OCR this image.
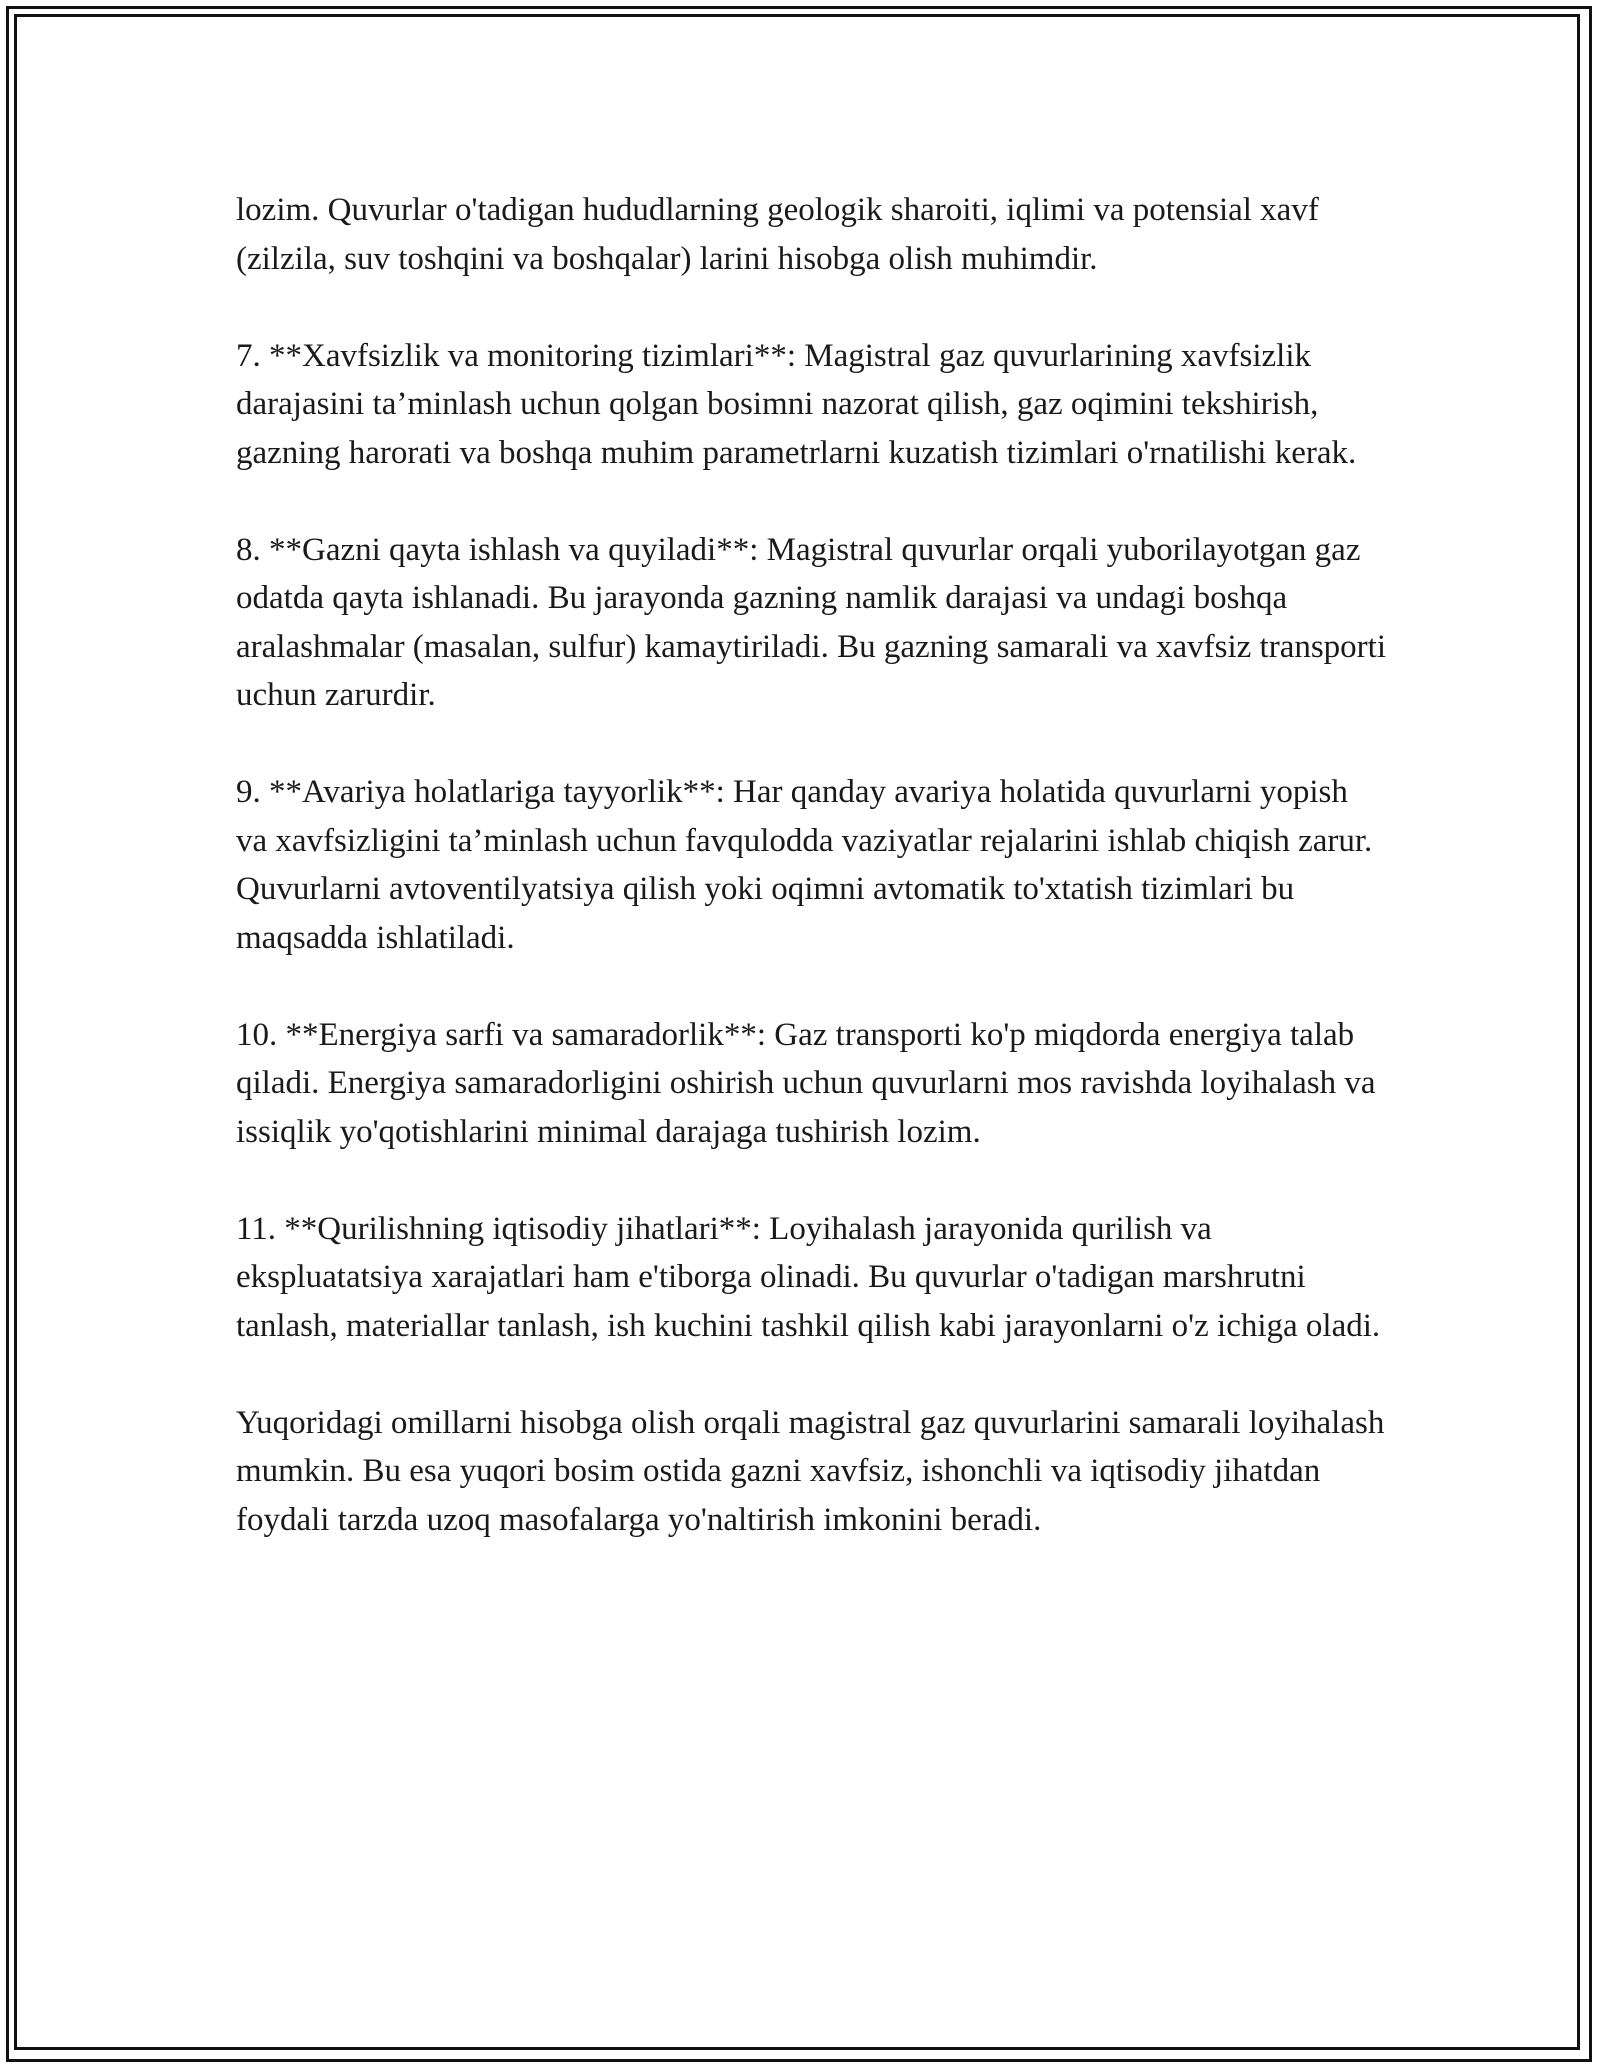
lozim. Quvurlar o'tadigan hududlarning geologik sharoiti, iqlimi va potensial xavf (zilzila, suv toshqini va boshqalar) larini hisobga olish muhimdir.

7. **Xavfsizlik va monitoring tizimlari**: Magistral gaz quvurlarining xavfsizlik darajasini ta’minlash uchun qolgan bosimni nazorat qilish, gaz oqimini tekshirish, gazning harorati va boshqa muhim parametrlarni kuzatish tizimlari o'rnatilishi kerak.

8. **Gazni qayta ishlash va quyiladi**: Magistral quvurlar orqali yuborilayotgan gaz odatda qayta ishlanadi. Bu jarayonda gazning namlik darajasi va undagi boshqa aralashmalar (masalan, sulfur) kamaytiriladi. Bu gazning samarali va xavfsiz transporti uchun zarurdir.

9. **Avariya holatlariga tayyorlik**: Har qanday avariya holatida quvurlarni yopish va xavfsizligini ta’minlash uchun favqulodda vaziyatlar rejalarini ishlab chiqish zarur. Quvurlarni avtoventilyatsiya qilish yoki oqimni avtomatik to'xtatish tizimlari bu maqsadda ishlatiladi.

10. **Energiya sarfi va samaradorlik**: Gaz transporti ko'p miqdorda energiya talab qiladi. Energiya samaradorligini oshirish uchun quvurlarni mos ravishda loyihalash va issiqlik yo'qotishlarini minimal darajaga tushirish lozim.

11. **Qurilishning iqtisodiy jihatlari**: Loyihalash jarayonida qurilish va ekspluatatsiya xarajatlari ham e'tiborga olinadi. Bu quvurlar o'tadigan marshrutni tanlash, materiallar tanlash, ish kuchini tashkil qilish kabi jarayonlarni o'z ichiga oladi.

Yuqoridagi omillarni hisobga olish orqali magistral gaz quvurlarini samarali loyihalash mumkin. Bu esa yuqori bosim ostida gazni xavfsiz, ishonchli va iqtisodiy jihatdan foydali tarzda uzoq masofalarga yo'naltirish imkonini beradi.
